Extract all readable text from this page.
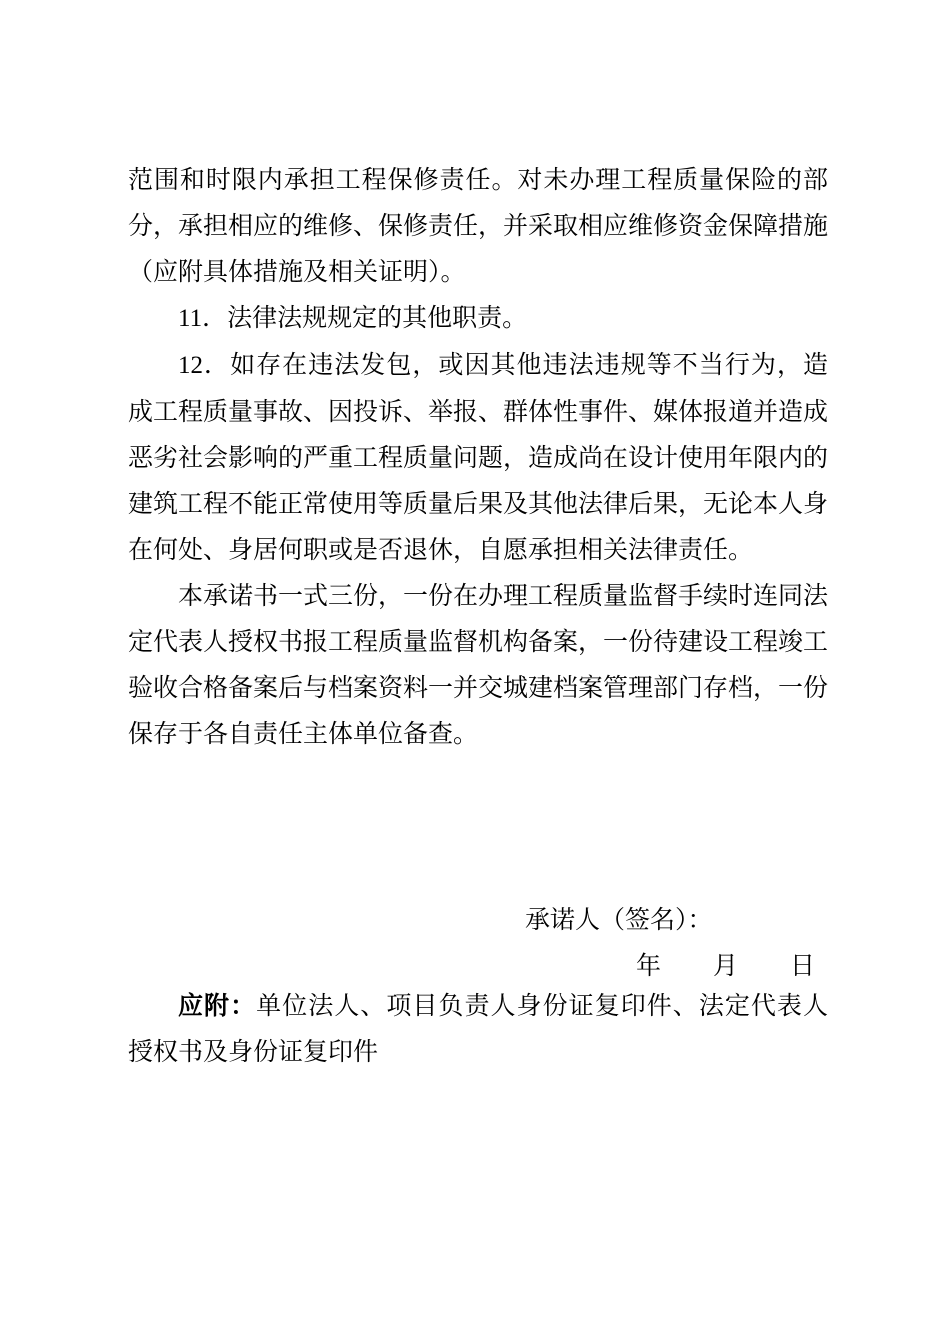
范围和时限内承担工程保修责任。对未办理工程质量保险的部分，承担相应的维修、保修责任，并采取相应维修资金保障措施（应附具体措施及相关证明）。

11．法律法规规定的其他职责。

12．如存在违法发包，或因其他违法违规等不当行为，造成工程质量事故、因投诉、举报、群体性事件、媒体报道并造成恶劣社会影响的严重工程质量问题，造成尚在设计使用年限内的建筑工程不能正常使用等质量后果及其他法律后果，无论本人身在何处、身居何职或是否退休，自愿承担相关法律责任。

本承诺书一式三份，一份在办理工程质量监督手续时连同法定代表人授权书报工程质量监督机构备案，一份待建设工程竣工验收合格备案后与档案资料一并交城建档案管理部门存档，一份保存于各自责任主体单位备查。

承诺人（签名）：
年 月 日

应附：单位法人、项目负责人身份证复印件、法定代表人授权书及身份证复印件
